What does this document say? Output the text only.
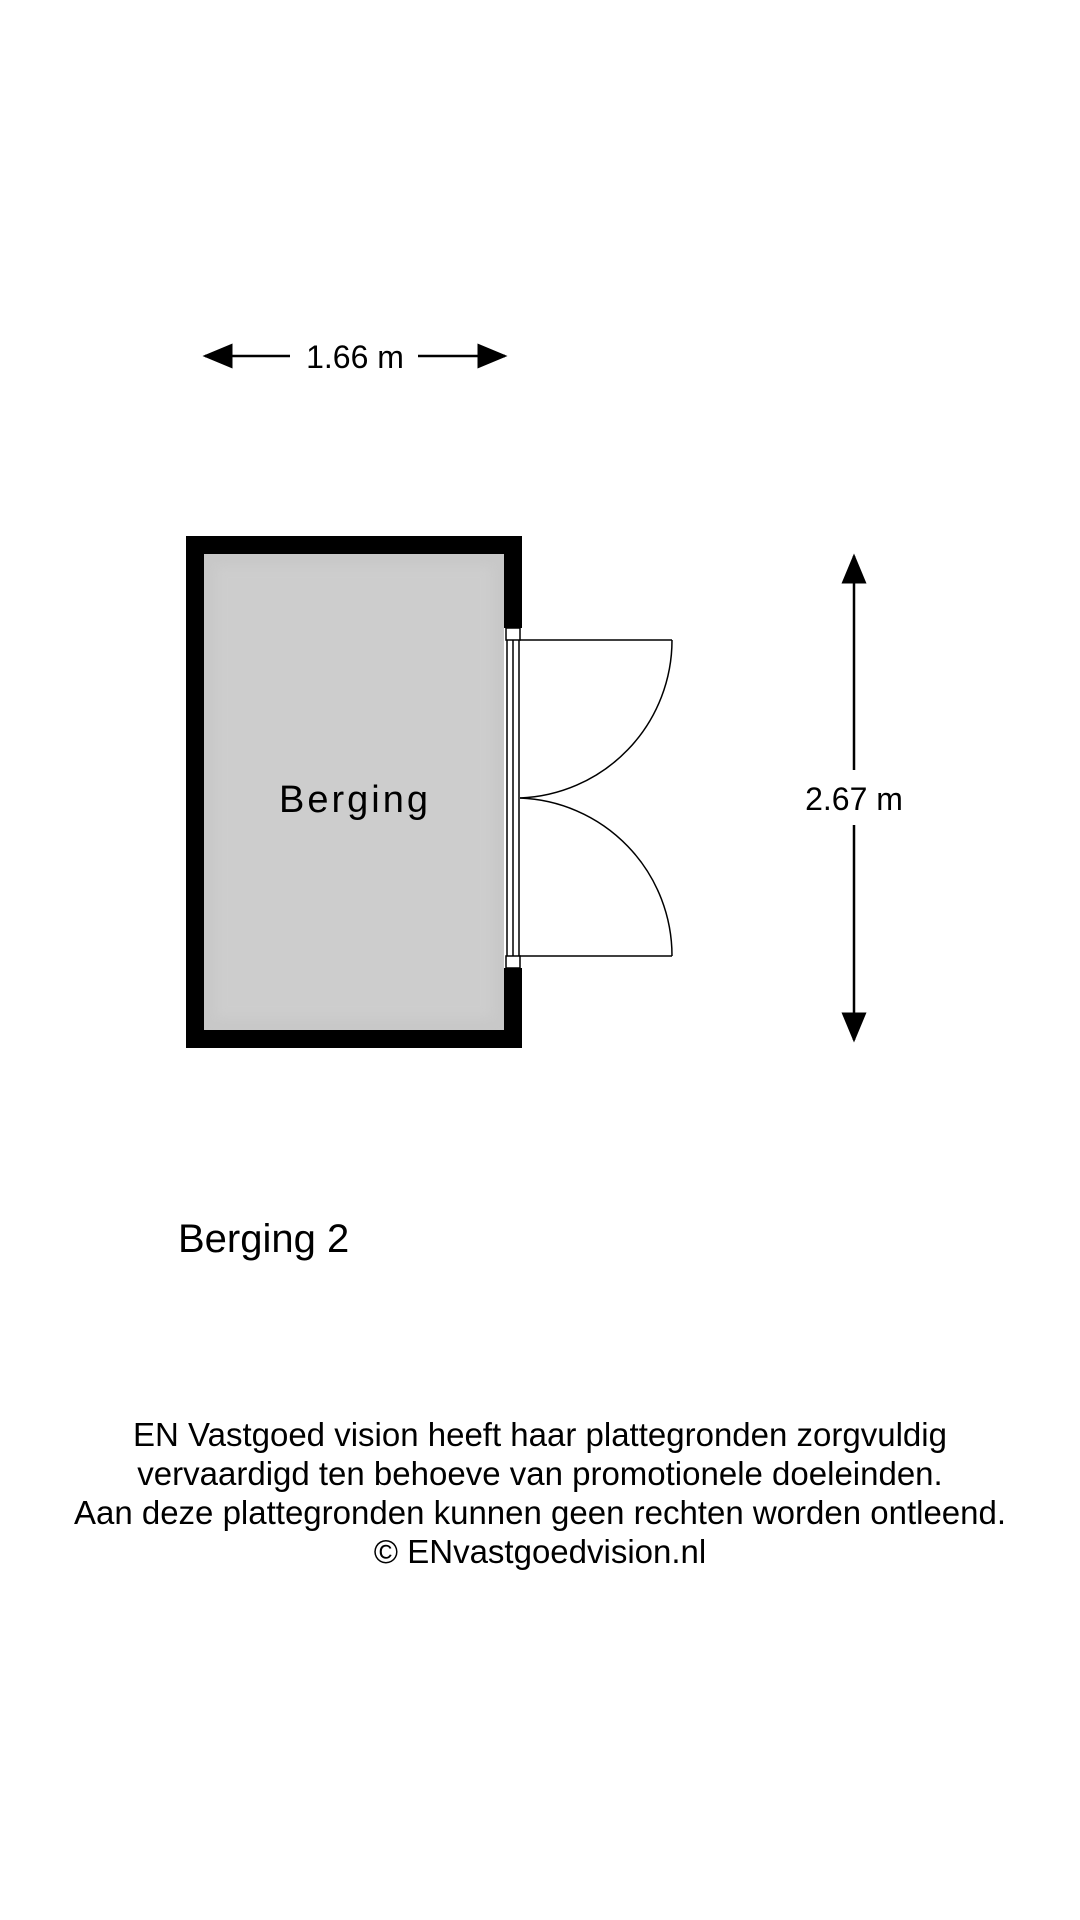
1.66 m
Berging	2.67 m
Berging 2
EN Vastgoed vision heeft haar plattegronden zorgvuldig
vervaardigd ten behoeve van promotionele doeleinden.
Aan deze plattegronden kunnen geen rechten worden ontleend.
© ENvastgoedvision.nl
